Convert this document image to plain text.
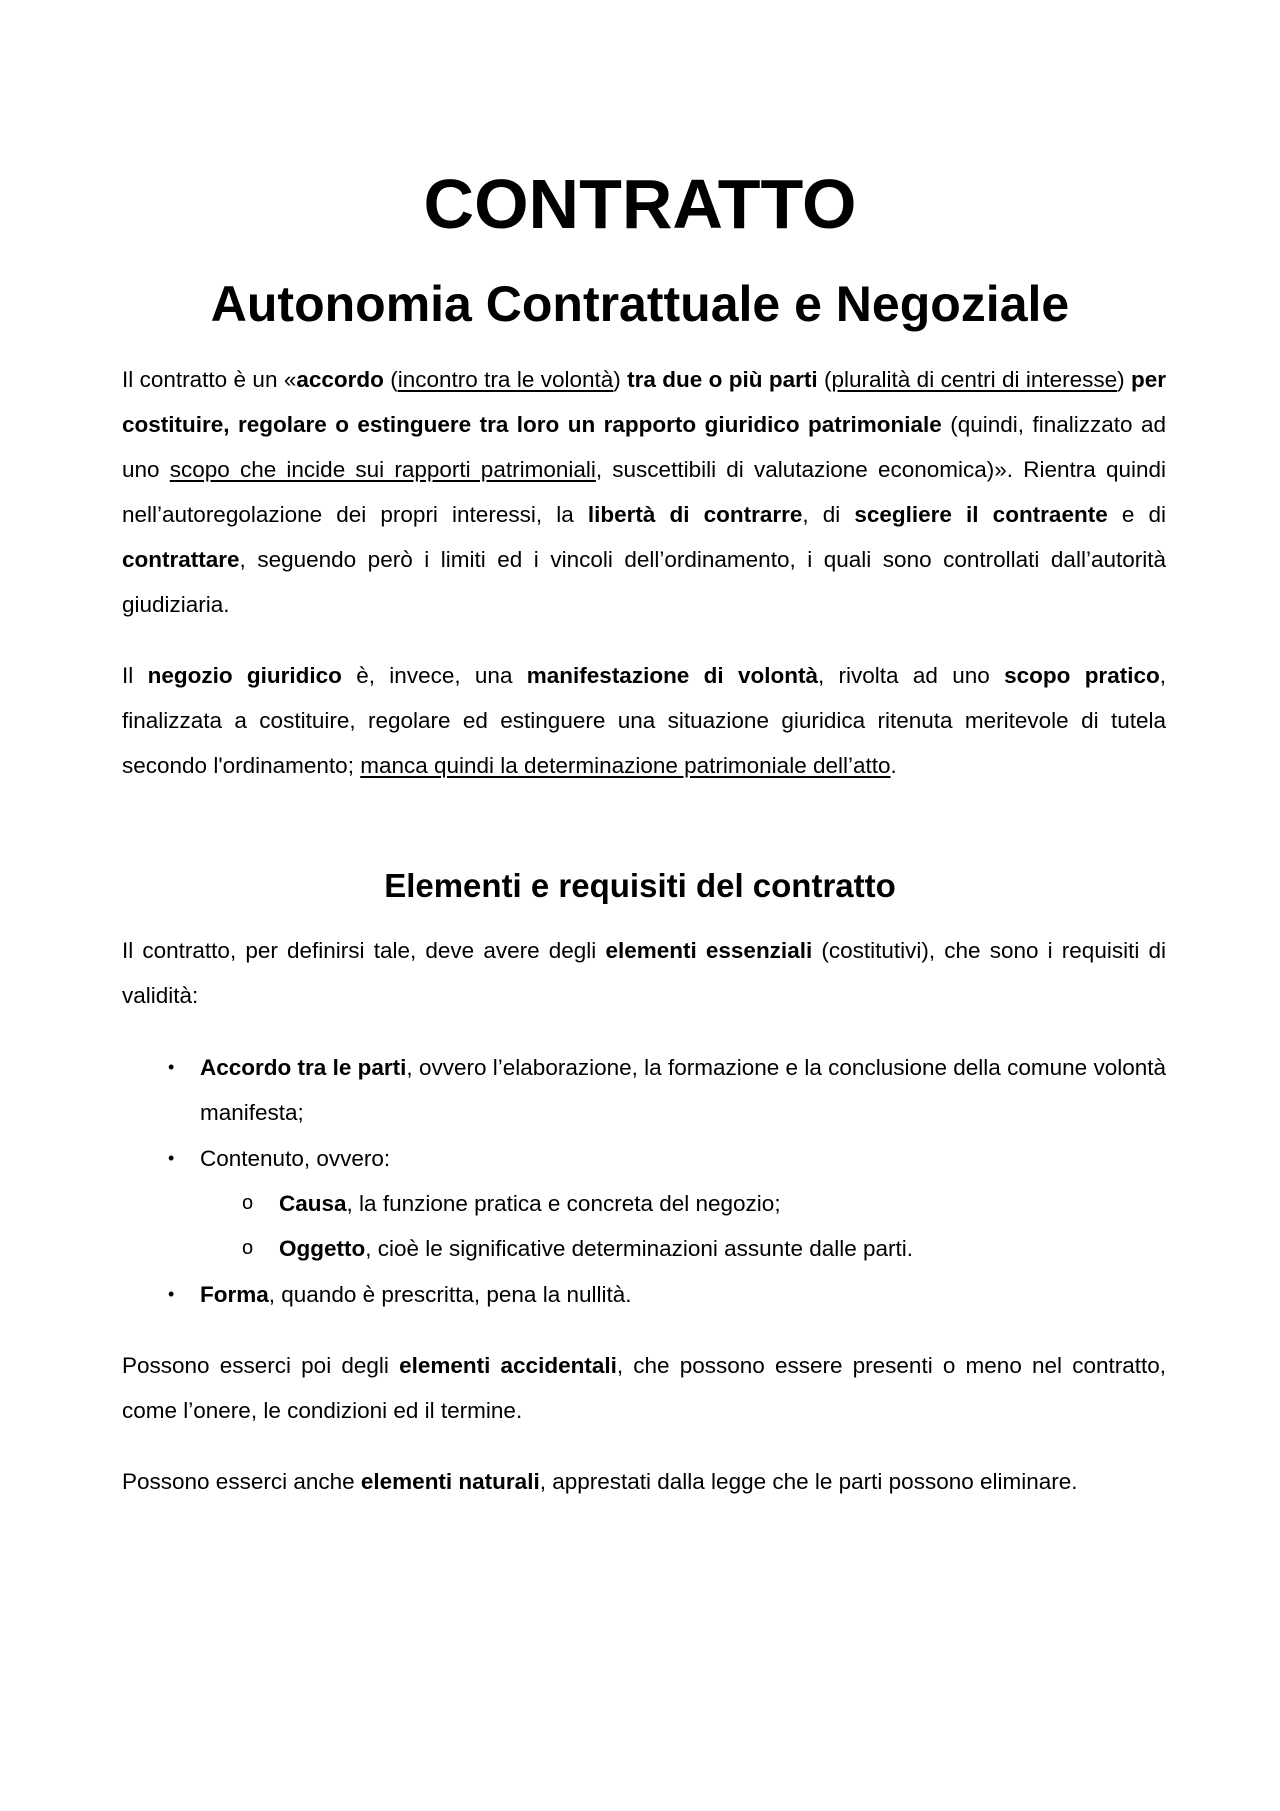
CONTRATTO
Autonomia Contrattuale e Negoziale
Il contratto è un «accordo (incontro tra le volontà) tra due o più parti (pluralità di centri di interesse) per costituire, regolare o estinguere tra loro un rapporto giuridico patrimoniale (quindi, finalizzato ad uno scopo che incide sui rapporti patrimoniali, suscettibili di valutazione economica)». Rientra quindi nell’autoregolazione dei propri interessi, la libertà di contrarre, di scegliere il contraente e di contrattare, seguendo però i limiti ed i vincoli dell’ordinamento, i quali sono controllati dall’autorità giudiziaria.
Il negozio giuridico è, invece, una manifestazione di volontà, rivolta ad uno scopo pratico, finalizzata a costituire, regolare ed estinguere una situazione giuridica ritenuta meritevole di tutela secondo l'ordinamento; manca quindi la determinazione patrimoniale dell’atto.
Elementi e requisiti del contratto
Il contratto, per definirsi tale, deve avere degli elementi essenziali (costitutivi), che sono i requisiti di validità:
• Accordo tra le parti, ovvero l’elaborazione, la formazione e la conclusione della comune volontà manifesta;
• Contenuto, ovvero:
o Causa, la funzione pratica e concreta del negozio;
o Oggetto, cioè le significative determinazioni assunte dalle parti.
• Forma, quando è prescritta, pena la nullità.
Possono esserci poi degli elementi accidentali, che possono essere presenti o meno nel contratto, come l’onere, le condizioni ed il termine.
Possono esserci anche elementi naturali, apprestati dalla legge che le parti possono eliminare.
